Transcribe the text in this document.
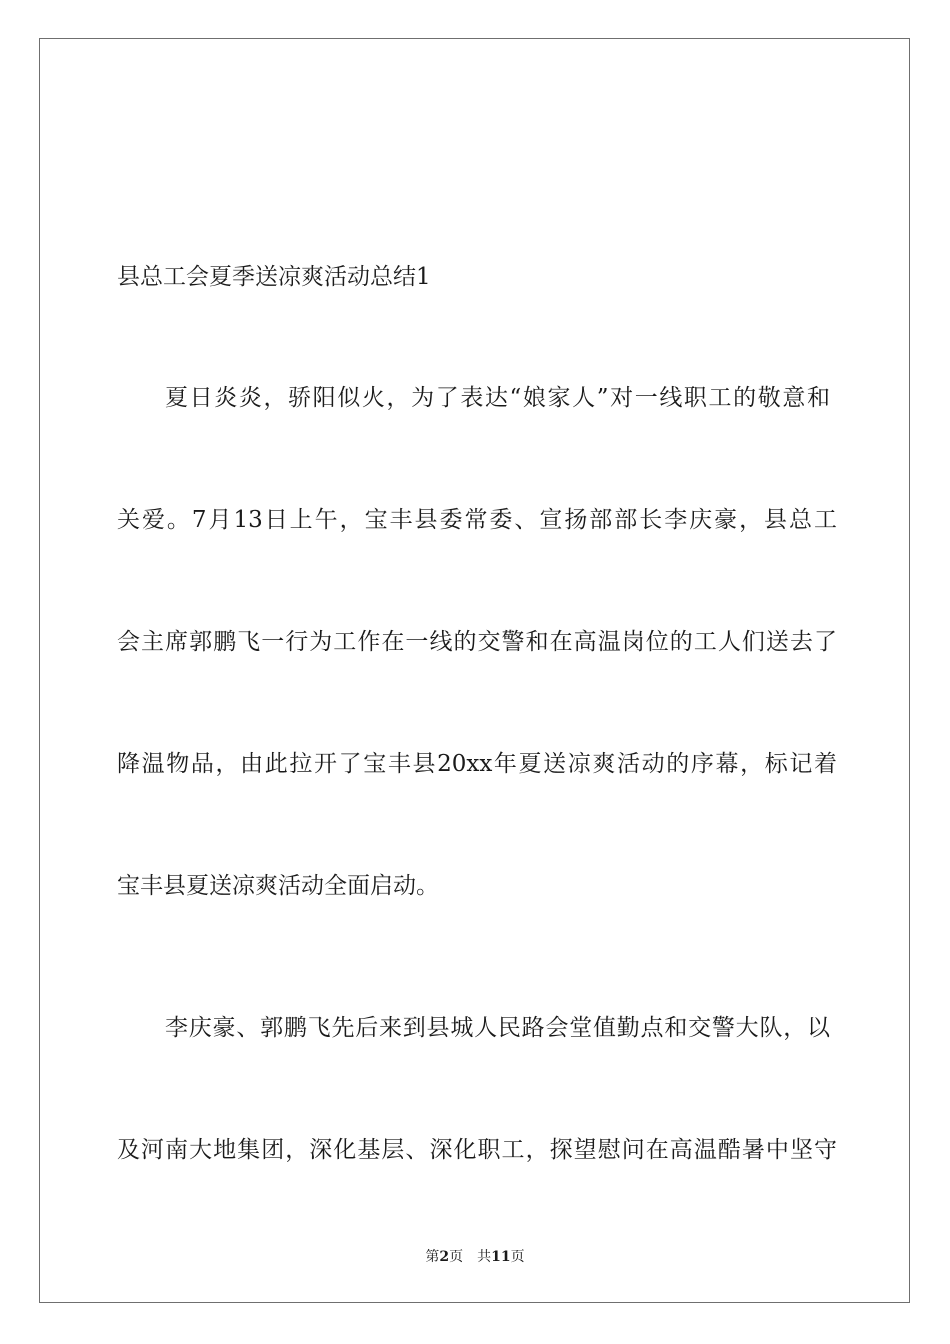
县总工会夏季送凉爽活动总结1
夏日炎炎，骄阳似火，为了表达“娘家人”对一线职工的敬意和
关爱。7月13日上午，宝丰县委常委、宣扬部部长李庆豪，县总工
会主席郭鹏飞一行为工作在一线的交警和在高温岗位的工人们送去了
降温物品，由此拉开了宝丰县20xx年夏送凉爽活动的序幕，标记着
宝丰县夏送凉爽活动全面启动。
李庆豪、郭鹏飞先后来到县城人民路会堂值勤点和交警大队，以
及河南大地集团，深化基层、深化职工，探望慰问在高温酷暑中坚守
第2页　共11页
